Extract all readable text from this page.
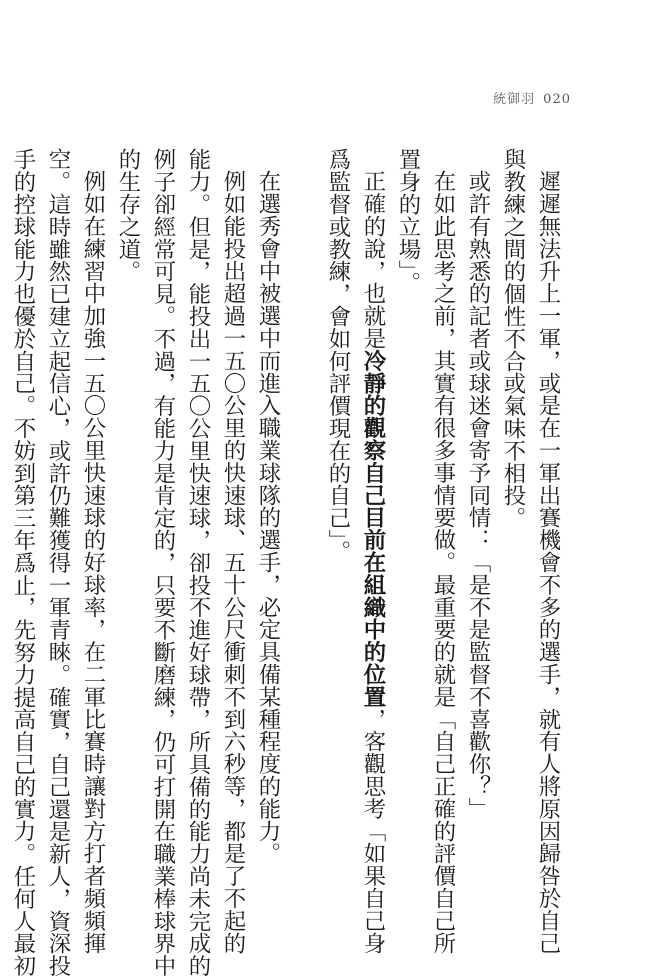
統御羽 020

遲遲無法升上一軍，或是在一軍出賽機會不多的選手，就有人將原因歸咎於自己

與教練之間的個性不合或氣味不相投。

或許有熟悉的記者或球迷會寄予同情：「是不是監督不喜歡你？」

在如此思考之前，其實有很多事情要做。最重要的就是「自己正確的評價自己所

置身的立場」。

正確的說，也就是冷靜的觀察自己目前在組織中的位置，客觀思考「如果自己身

爲監督或教練，會如何評價現在的自己」。

在選秀會中被選中而進入職業球隊的選手，必定具備某種程度的能力。

例如能投出超過一五〇公里的快速球、五十公尺衝刺不到六秒等，都是了不起的

能力。但是，能投出一五〇公里快速球，卻投不進好球帶，所具備的能力尚未完成的

例子卻經常可見。不過，有能力是肯定的，只要不斷磨練，仍可打開在職業棒球界中

的生存之道。

例如在練習中加強一五〇公里快速球的好球率，在二軍比賽時讓對方打者頻頻揮

空。這時雖然已建立起信心，或許仍難獲得一軍青睞。確實，自己還是新人，資深投

手的控球能力也優於自己。不妨到第三年爲止，先努力提高自己的實力。任何人最初
